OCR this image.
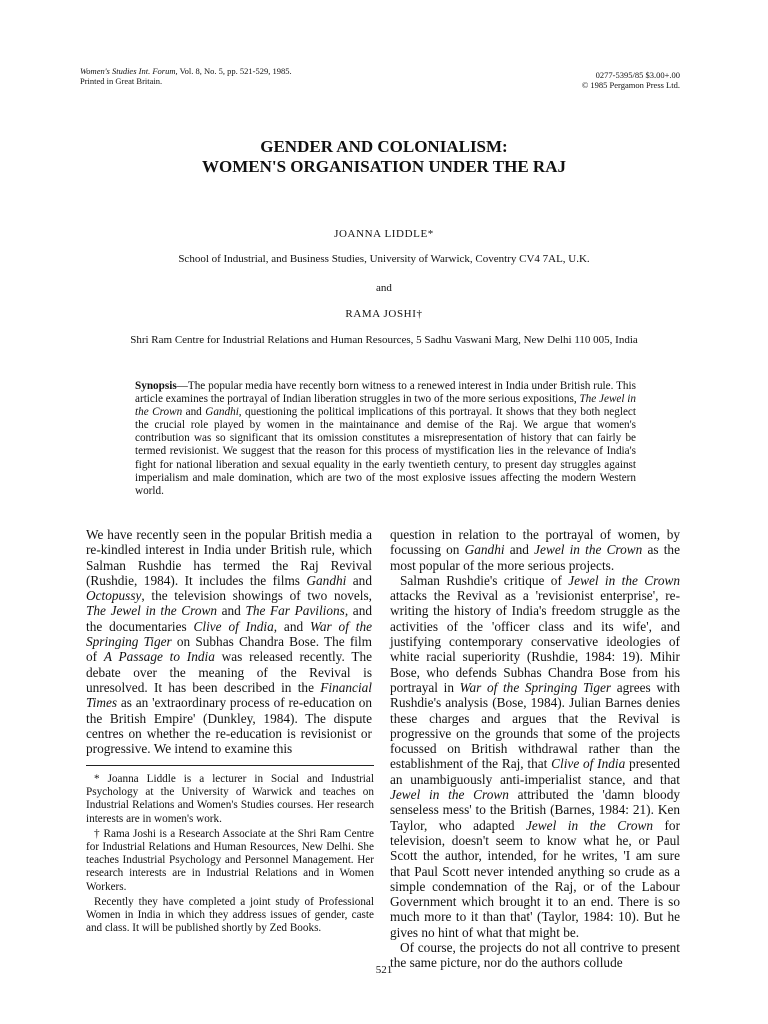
Women's Studies Int. Forum, Vol. 8, No. 5, pp. 521-529, 1985.
Printed in Great Britain.
0277-5395/85 $3.00+.00
© 1985 Pergamon Press Ltd.
GENDER AND COLONIALISM:
WOMEN'S ORGANISATION UNDER THE RAJ
JOANNA LIDDLE*
School of Industrial, and Business Studies, University of Warwick, Coventry CV4 7AL, U.K.
and
RAMA JOSHI†
Shri Ram Centre for Industrial Relations and Human Resources, 5 Sadhu Vaswani Marg, New Delhi 110 005, India
Synopsis—The popular media have recently born witness to a renewed interest in India under British rule. This article examines the portrayal of Indian liberation struggles in two of the more serious expositions, The Jewel in the Crown and Gandhi, questioning the political implications of this portrayal. It shows that they both neglect the crucial role played by women in the maintainance and demise of the Raj. We argue that women's contribution was so significant that its omission constitutes a misrepresentation of history that can fairly be termed revisionist. We suggest that the reason for this process of mystification lies in the relevance of India's fight for national liberation and sexual equality in the early twentieth century, to present day struggles against imperialism and male domination, which are two of the most explosive issues affecting the modern Western world.

We have recently seen in the popular British media a re-kindled interest in India under British rule, which Salman Rushdie has termed the Raj Revival (Rushdie, 1984). It includes the films Gandhi and Octopussy, the television showings of two novels, The Jewel in the Crown and The Far Pavilions, and the documentaries Clive of India, and War of the Springing Tiger on Subhas Chandra Bose. The film of A Passage to India was released recently. The debate over the meaning of the Revival is unresolved. It has been described in the Financial Times as an 'extraordinary process of re-education on the British Empire' (Dunkley, 1984). The dispute centres on whether the re-education is revisionist or progressive. We intend to examine this

* Joanna Liddle is a lecturer in Social and Industrial Psychology at the University of Warwick and teaches on Industrial Relations and Women's Studies courses. Her research interests are in women's work.

† Rama Joshi is a Research Associate at the Shri Ram Centre for Industrial Relations and Human Resources, New Delhi. She teaches Industrial Psychology and Personnel Management. Her research interests are in Industrial Relations and in Women Workers.

Recently they have completed a joint study of Professional Women in India in which they address issues of gender, caste and class. It will be published shortly by Zed Books.

question in relation to the portrayal of women, by focussing on Gandhi and Jewel in the Crown as the most popular of the more serious projects.

Salman Rushdie's critique of Jewel in the Crown attacks the Revival as a 'revisionist enterprise', re-writing the history of India's freedom struggle as the activities of the 'officer class and its wife', and justifying contemporary conservative ideologies of white racial superiority (Rushdie, 1984: 19). Mihir Bose, who defends Subhas Chandra Bose from his portrayal in War of the Springing Tiger agrees with Rushdie's analysis (Bose, 1984). Julian Barnes denies these charges and argues that the Revival is progressive on the grounds that some of the projects focussed on British withdrawal rather than the establishment of the Raj, that Clive of India presented an unambiguously anti-imperialist stance, and that Jewel in the Crown attributed the 'damn bloody senseless mess' to the British (Barnes, 1984: 21). Ken Taylor, who adapted Jewel in the Crown for television, doesn't seem to know what he, or Paul Scott the author, intended, for he writes, 'I am sure that Paul Scott never intended anything so crude as a simple condemnation of the Raj, or of the Labour Government which brought it to an end. There is so much more to it than that' (Taylor, 1984: 10). But he gives no hint of what that might be.

Of course, the projects do not all contrive to present the same picture, nor do the authors collude

521
